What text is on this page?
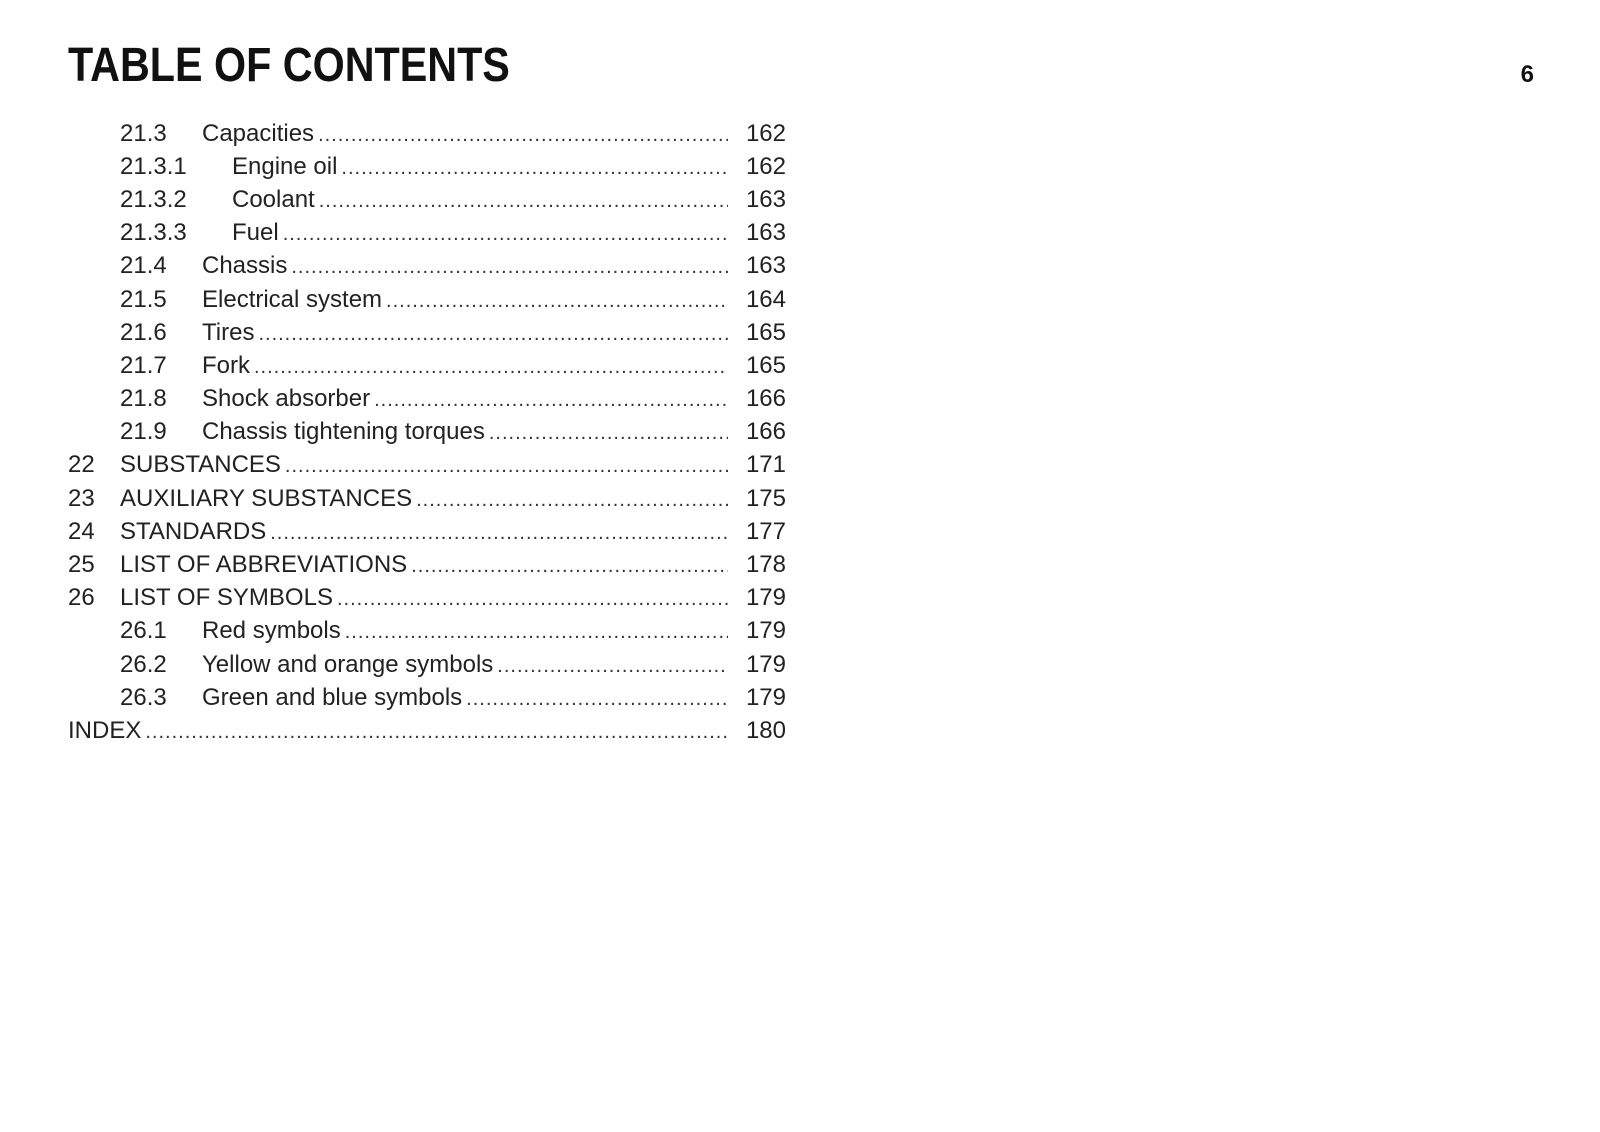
TABLE OF CONTENTS	6
21.3	Capacities .....	162
21.3.1	Engine oil .....	162
21.3.2	Coolant .....	163
21.3.3	Fuel .....	163
21.4	Chassis .....	163
21.5	Electrical system .....	164
21.6	Tires .....	165
21.7	Fork .....	165
21.8	Shock absorber .....	166
21.9	Chassis tightening torques .....	166
22	SUBSTANCES .....	171
23	AUXILIARY SUBSTANCES .....	175
24	STANDARDS .....	177
25	LIST OF ABBREVIATIONS .....	178
26	LIST OF SYMBOLS .....	179
26.1	Red symbols .....	179
26.2	Yellow and orange symbols .....	179
26.3	Green and blue symbols .....	179
INDEX .....	180
